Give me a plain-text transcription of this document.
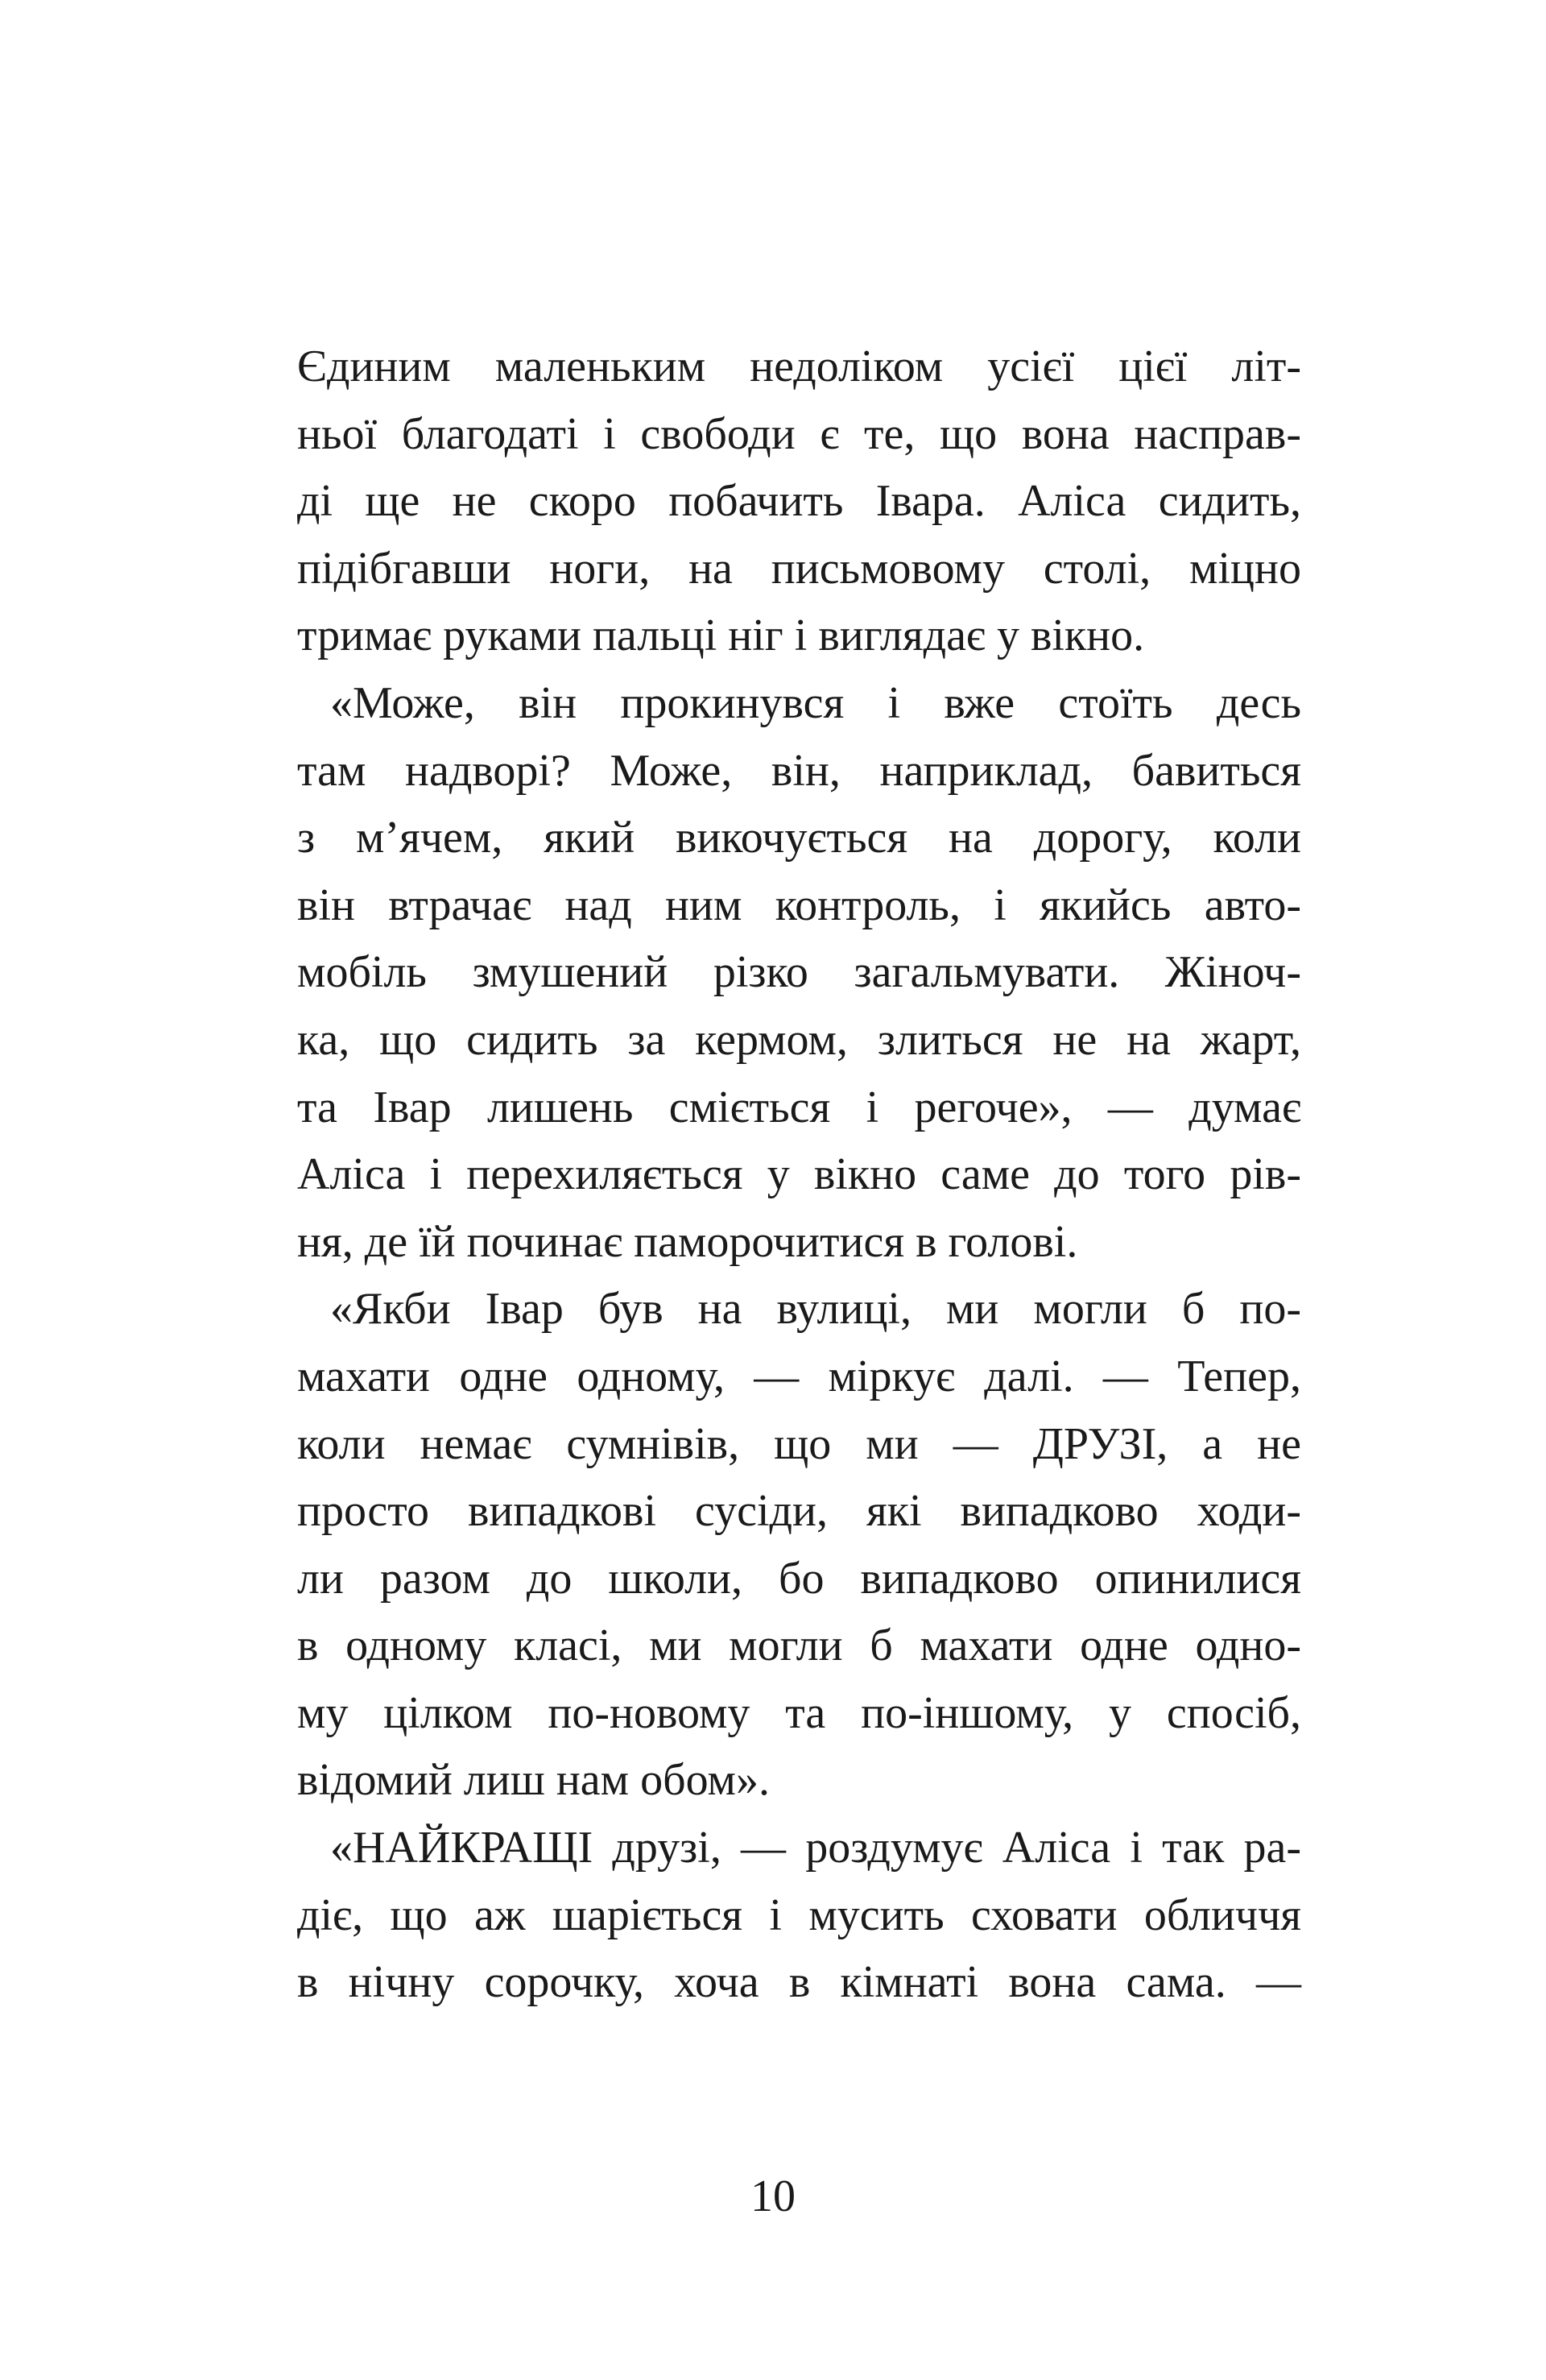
Єдиним маленьким недоліком усієї цієї літ-
ньої благодаті і свободи є те, що вона насправ-
ді ще не скоро побачить Івара. Аліса сидить,
підібгавши ноги, на письмовому столі, міцно
тримає руками пальці ніг і виглядає у вікно.
«Може, він прокинувся і вже стоїть десь
там надворі? Може, він, наприклад, бавиться
з м’ячем, який викочується на дорогу, коли
він втрачає над ним контроль, і якийсь авто-
мобіль змушений різко загальмувати. Жіноч-
ка, що сидить за кермом, злиться не на жарт,
та Івар лишень сміється і регоче», — думає
Аліса і перехиляється у вікно саме до того рів-
ня, де їй починає паморочитися в голові.
«Якби Івар був на вулиці, ми могли б по-
махати одне одному, — міркує далі. — Тепер,
коли немає сумнівів, що ми — ДРУЗІ, а не
просто випадкові сусіди, які випадково ходи-
ли разом до школи, бо випадково опинилися
в одному класі, ми могли б махати одне одно-
му цілком по-новому та по-іншому, у спосіб,
відомий лиш нам обом».
«НАЙКРАЩІ друзі, — роздумує Аліса і так ра-
діє, що аж шаріється і мусить сховати обличчя
в нічну сорочку, хоча в кімнаті вона сама. —
10
